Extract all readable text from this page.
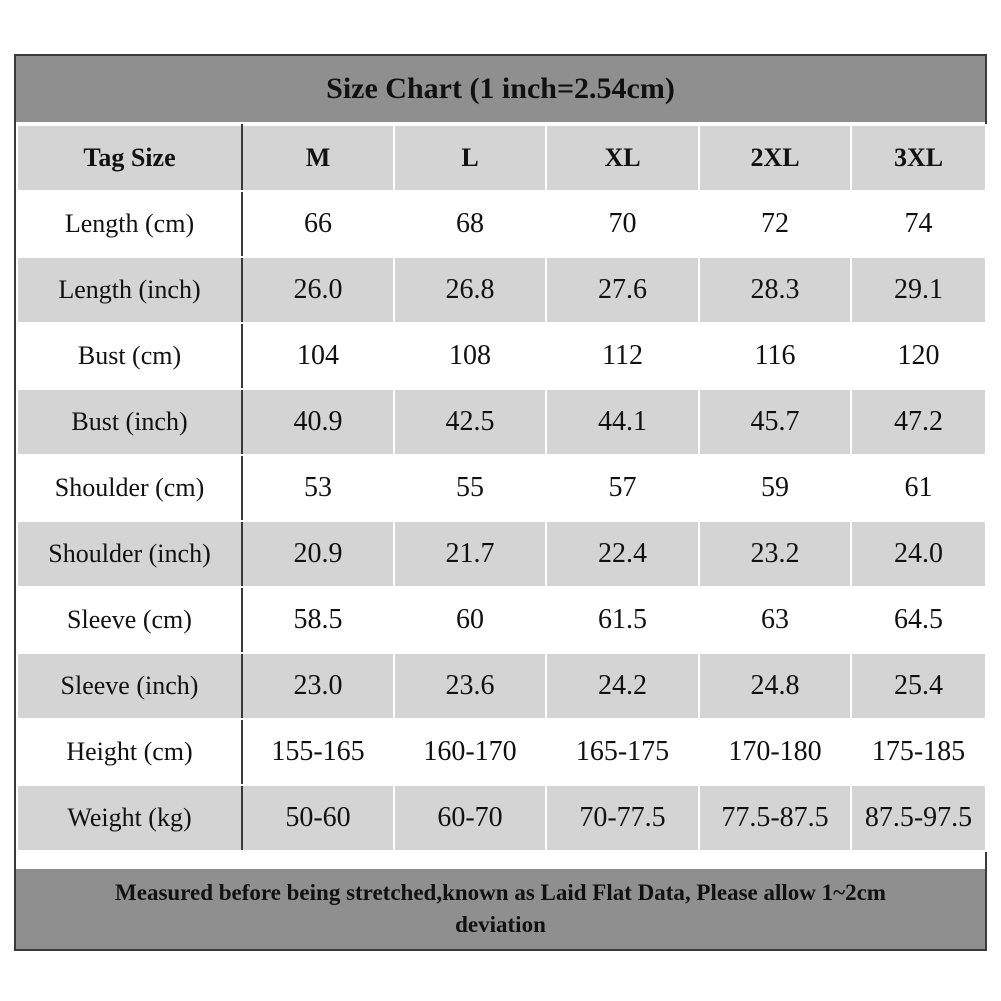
Size Chart (1 inch=2.54cm)
Tag Size	M	L	XL	2XL	3XL
Length (cm)	66	68	70	72	74
Length (inch)	26.0	26.8	27.6	28.3	29.1
Bust (cm)	104	108	112	116	120
Bust (inch)	40.9	42.5	44.1	45.7	47.2
Shoulder (cm)	53	55	57	59	61
Shoulder (inch)	20.9	21.7	22.4	23.2	24.0
Sleeve (cm)	58.5	60	61.5	63	64.5
Sleeve (inch)	23.0	23.6	24.2	24.8	25.4
Height (cm)	155-165	160-170	165-175	170-180	175-185
Weight (kg)	50-60	60-70	70-77.5	77.5-87.5	87.5-97.5
Measured before being stretched,known as Laid Flat Data, Please allow 1~2cm deviation
